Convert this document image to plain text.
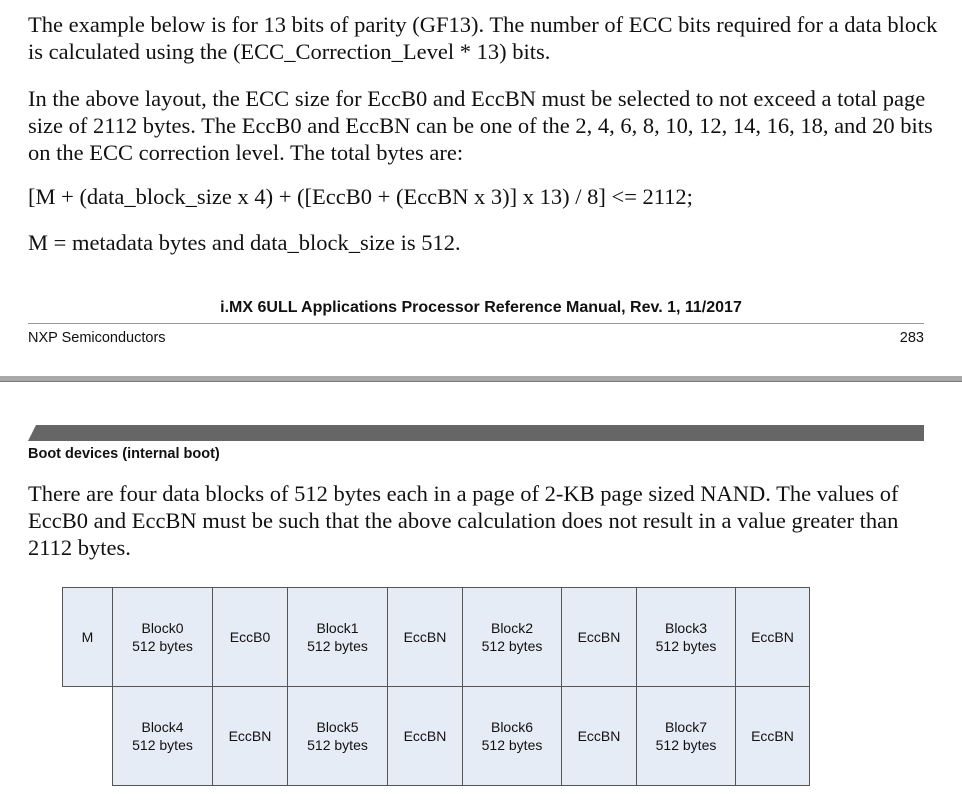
The example below is for 13 bits of parity (GF13). The number of ECC bits required for a data block is calculated using the (ECC_Correction_Level * 13) bits.

In the above layout, the ECC size for EccB0 and EccBN must be selected to not exceed a total page size of 2112 bytes. The EccB0 and EccBN can be one of the 2, 4, 6, 8, 10, 12, 14, 16, 18, and 20 bits on the ECC correction level. The total bytes are:

[M + (data_block_size x 4) + ([EccB0 + (EccBN x 3)] x 13) / 8] <= 2112;

M = metadata bytes and data_block_size is 512.

i.MX 6ULL Applications Processor Reference Manual, Rev. 1, 11/2017
NXP Semiconductors	283
Boot devices (internal boot)

There are four data blocks of 512 bytes each in a page of 2-KB page sized NAND. The values of EccB0 and EccBN must be such that the above calculation does not result in a value greater than 2112 bytes.

M
Block0
512 bytes
EccB0
Block1
512 bytes
EccBN
Block2
512 bytes
EccBN
Block3
512 bytes
EccBN
Block4
512 bytes
EccBN
Block5
512 bytes
EccBN
Block6
512 bytes
EccBN
Block7
512 bytes
EccBN
